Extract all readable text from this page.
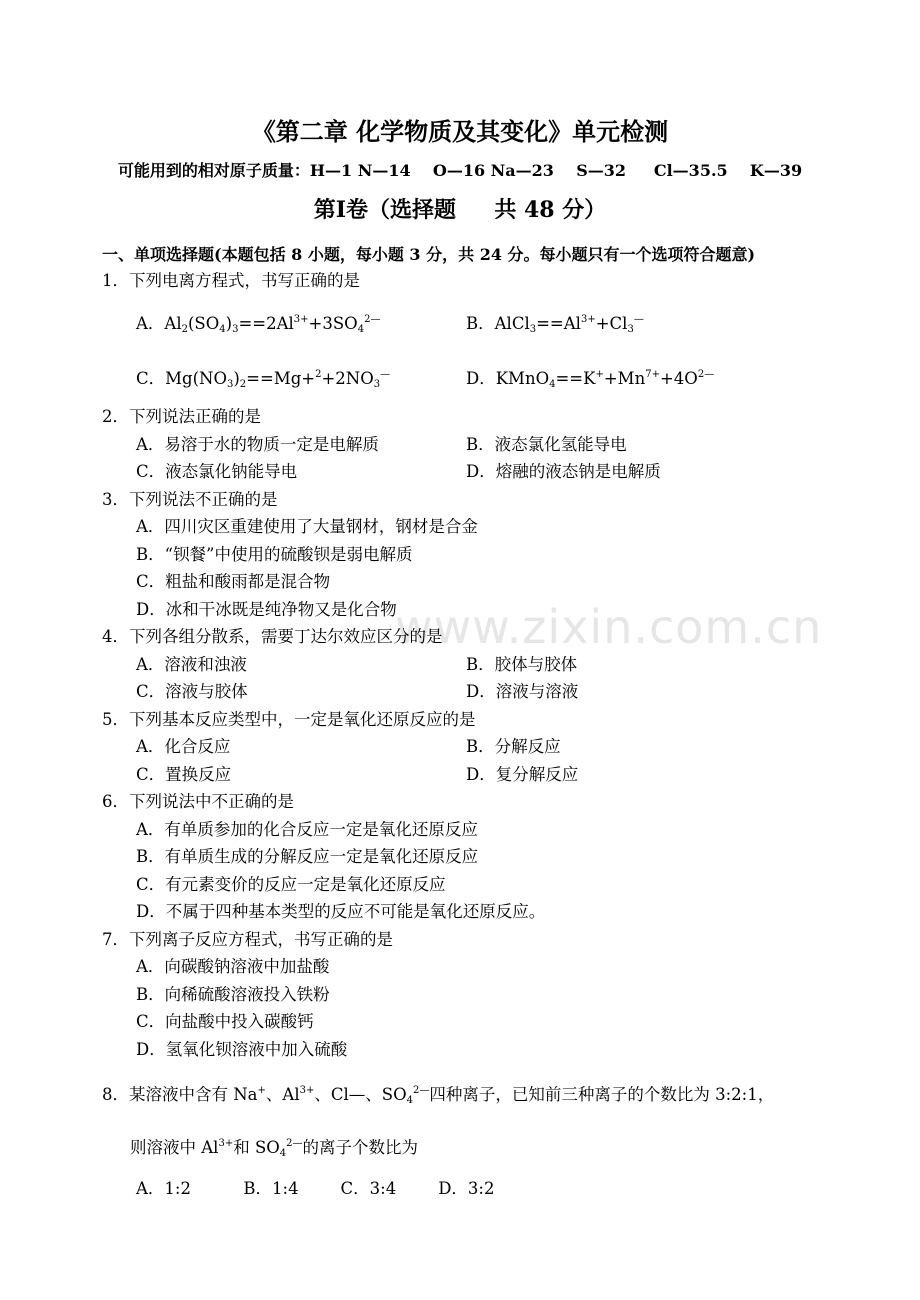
www.zixin.com.cn
《第二章 化学物质及其变化》单元检测
可能用到的相对原子质量：H—1 N—14    O—16 Na—23    S—32     Cl—35.5    K—39
第Ⅰ卷（选择题     共 48 分）
一、单项选择题(本题包括 8 小题，每小题 3 分，共 24 分。每小题只有一个选项符合题意)
1．下列电离方程式，书写正确的是
A．$Al_2(SO_4)_3==2Al^{3+}+3SO_4^{2—}$	B．$AlCl_3==Al^{3+}+Cl_3^—$
C．$Mg(NO_3)_2==Mg+^2+2NO_3^—$	D．$KMnO_4==K^++Mn^{7+}+4O^{2—}$
2．下列说法正确的是
A．易溶于水的物质一定是电解质	B．液态氯化氢能导电
C．液态氯化钠能导电	D．熔融的液态钠是电解质
3．下列说法不正确的是
A．四川灾区重建使用了大量钢材，钢材是合金
B．“钡餐”中使用的硫酸钡是弱电解质
C．粗盐和酸雨都是混合物
D．冰和干冰既是纯净物又是化合物
4．下列各组分散系，需要丁达尔效应区分的是
A．溶液和浊液	B．胶体与胶体
C．溶液与胶体	D．溶液与溶液
5．下列基本反应类型中，一定是氧化还原反应的是
A．化合反应	B．分解反应
C．置换反应	D．复分解反应
6．下列说法中不正确的是
A．有单质参加的化合反应一定是氧化还原反应
B．有单质生成的分解反应一定是氧化还原反应
C．有元素变价的反应一定是氧化还原反应
D．不属于四种基本类型的反应不可能是氧化还原反应。
7．下列离子反应方程式，书写正确的是
A．向碳酸钠溶液中加盐酸
B．向稀硫酸溶液投入铁粉
C．向盐酸中投入碳酸钙
D．氢氧化钡溶液中加入硫酸
8．某溶液中含有 Na+、$Al^{3+}$、Cl—、$SO_4^{2—}$四种离子，已知前三种离子的个数比为 3:2:1，
则溶液中 $Al^{3+}$和 $SO_4^{2—}$的离子个数比为
A．1:2          B．1:4        C．3:4        D．3:2
